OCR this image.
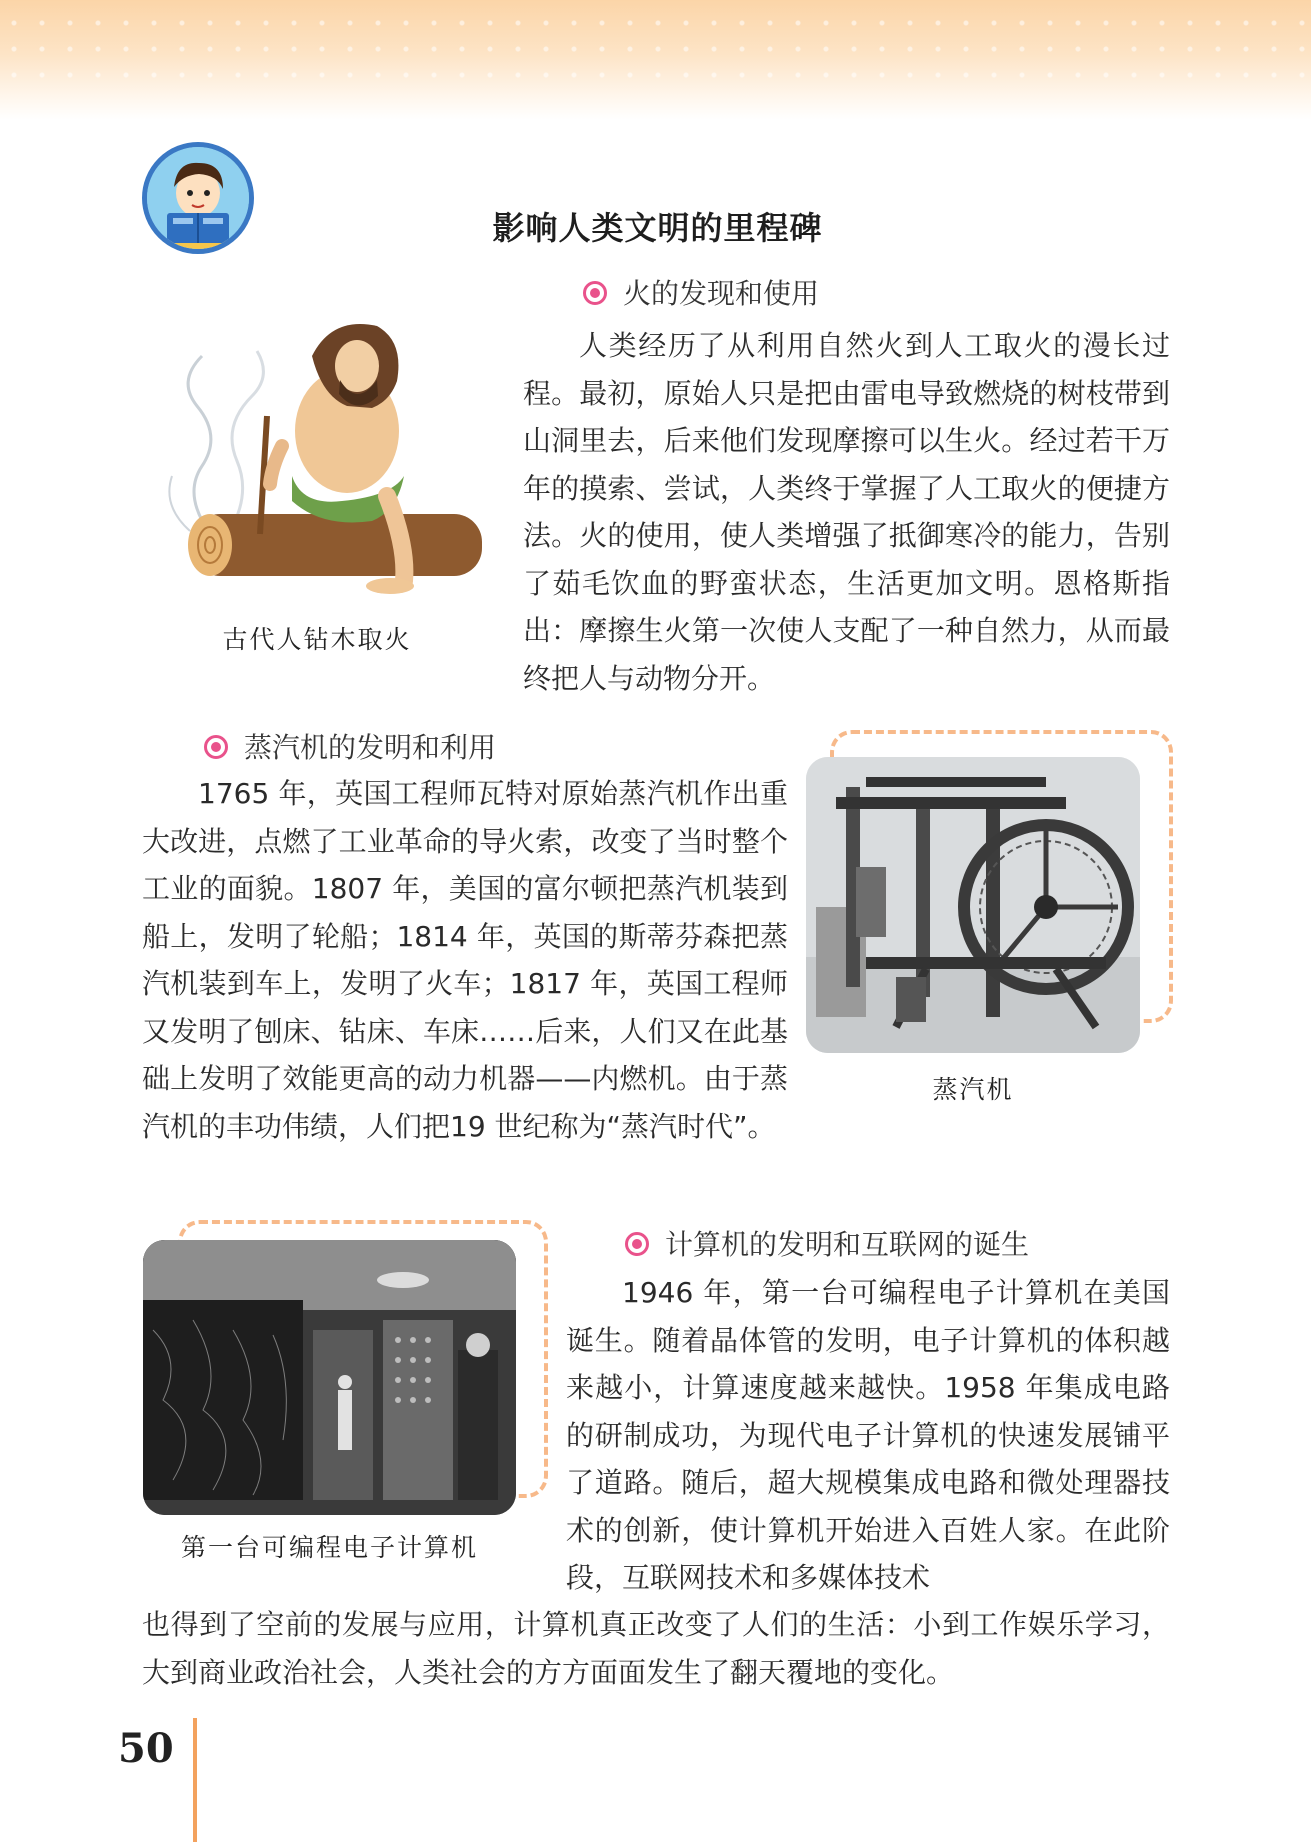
影响人类文明的里程碑
火的发现和使用
古代人钻木取火

人类经历了从利用自然火到人工取火的漫长过程。最初，原始人只是把由雷电导致燃烧的树枝带到山洞里去，后来他们发现摩擦可以生火。经过若干万年的摸索、尝试，人类终于掌握了人工取火的便捷方法。火的使用，使人类增强了抵御寒冷的能力，告别了茹毛饮血的野蛮状态，生活更加文明。恩格斯指出：摩擦生火第一次使人支配了一种自然力，从而最终把人与动物分开。

蒸汽机的发明和利用

1765 年，英国工程师瓦特对原始蒸汽机作出重大改进，点燃了工业革命的导火索，改变了当时整个工业的面貌。1807 年，美国的富尔顿把蒸汽机装到船上，发明了轮船；1814 年，英国的斯蒂芬森把蒸汽机装到车上，发明了火车；1817 年，英国工程师又发明了刨床、钻床、车床……后来，人们又在此基础上发明了效能更高的动力机器——内燃机。由于蒸汽机的丰功伟绩，人们把19 世纪称为“蒸汽时代”。

蒸汽机
计算机的发明和互联网的诞生
第一台可编程电子计算机

1946 年，第一台可编程电子计算机在美国诞生。随着晶体管的发明，电子计算机的体积越来越小，计算速度越来越快。1958 年集成电路的研制成功，为现代电子计算机的快速发展铺平了道路。随后，超大规模集成电路和微处理器技术的创新，使计算机开始进入百姓人家。在此阶段，互联网技术和多媒体技术

也得到了空前的发展与应用，计算机真正改变了人们的生活：小到工作娱乐学习，大到商业政治社会，人类社会的方方面面发生了翻天覆地的变化。

50
